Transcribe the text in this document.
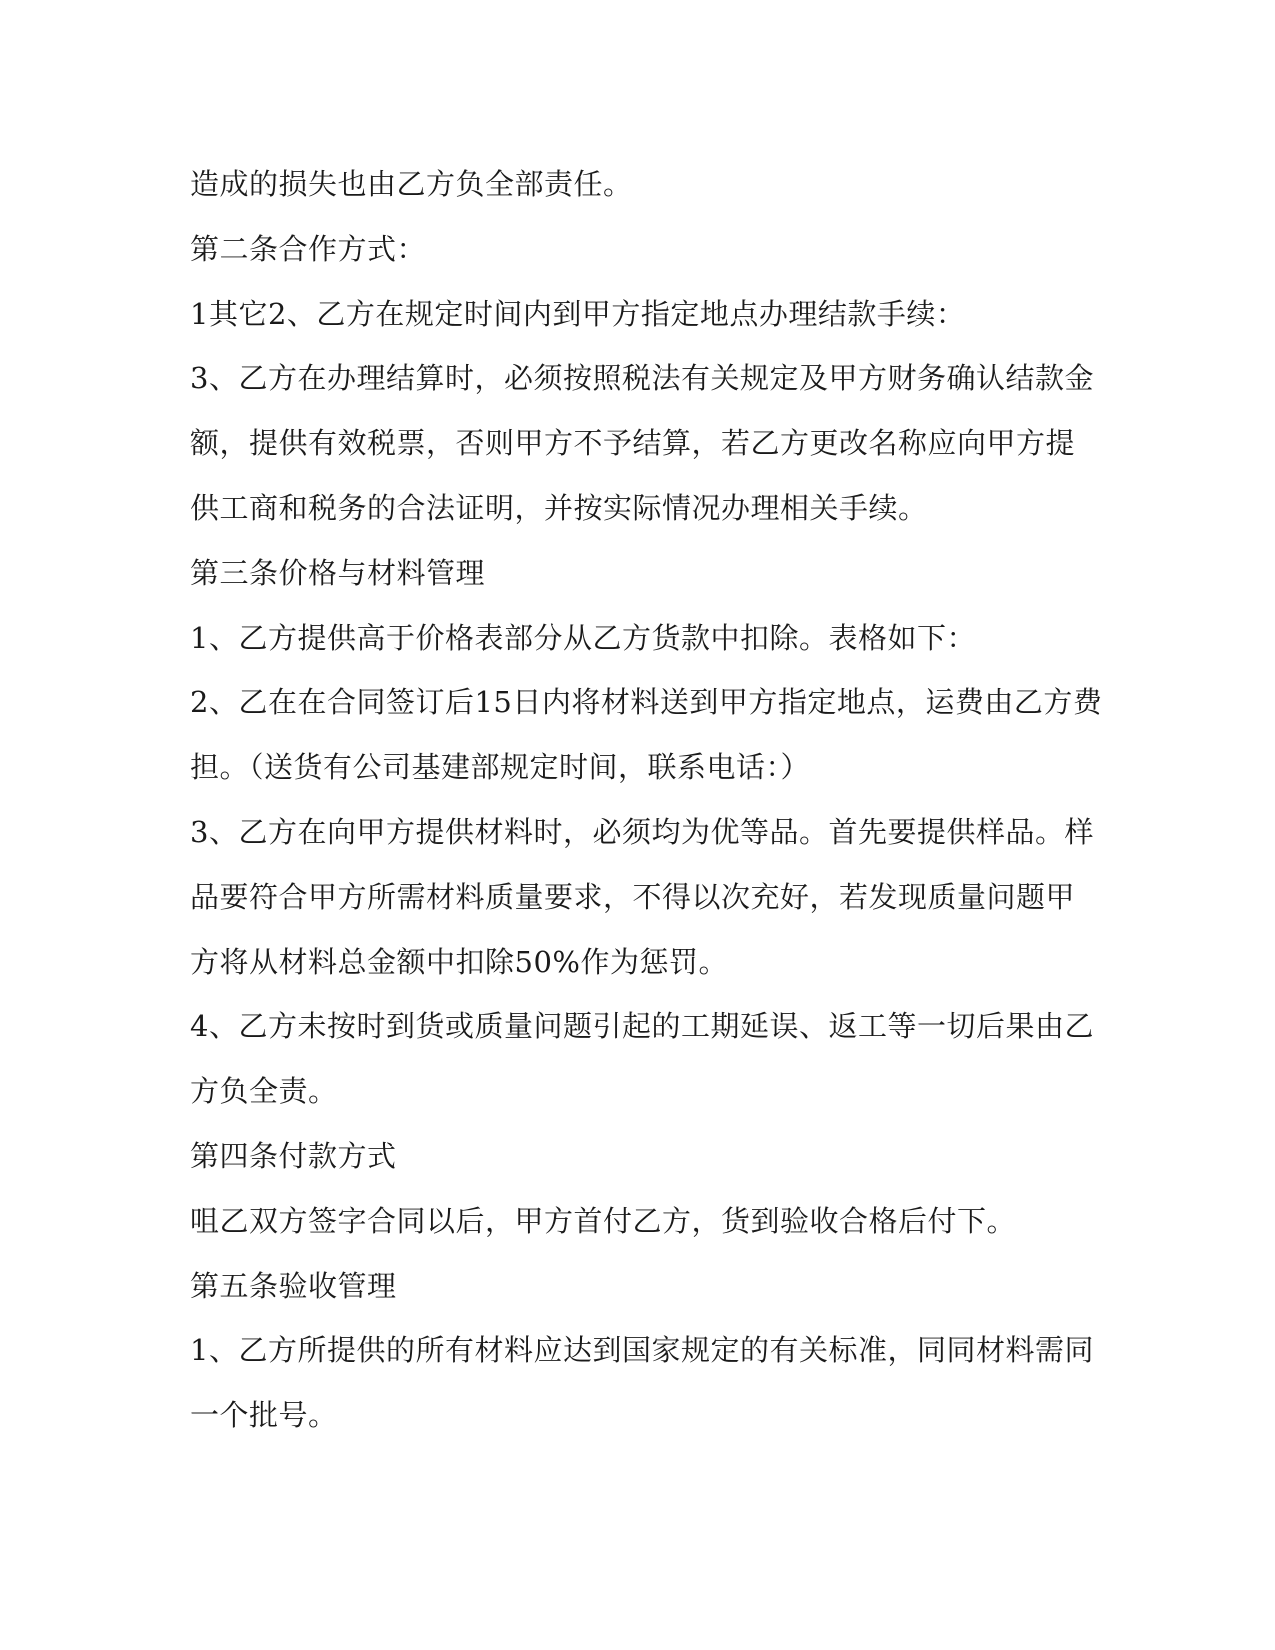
造成的损失也由乙方负全部责任。
第二条合作方式：
1其它2、乙方在规定时间内到甲方指定地点办理结款手续：
3、乙方在办理结算时，必须按照税法有关规定及甲方财务确认结款金
额，提供有效税票，否则甲方不予结算，若乙方更改名称应向甲方提
供工商和税务的合法证明，并按实际情况办理相关手续。
第三条价格与材料管理
1、乙方提供高于价格表部分从乙方货款中扣除。表格如下：
2、乙在在合同签订后15日内将材料送到甲方指定地点，运费由乙方费
担。（送货有公司基建部规定时间，联系电话：）
3、乙方在向甲方提供材料时，必须均为优等品。首先要提供样品。样
品要符合甲方所需材料质量要求，不得以次充好，若发现质量问题甲
方将从材料总金额中扣除50%作为惩罚。
4、乙方未按时到货或质量问题引起的工期延误、返工等一切后果由乙
方负全责。
第四条付款方式
咀乙双方签字合同以后，甲方首付乙方，货到验收合格后付下。
第五条验收管理
1、乙方所提供的所有材料应达到国家规定的有关标准，同同材料需同
一个批号。
